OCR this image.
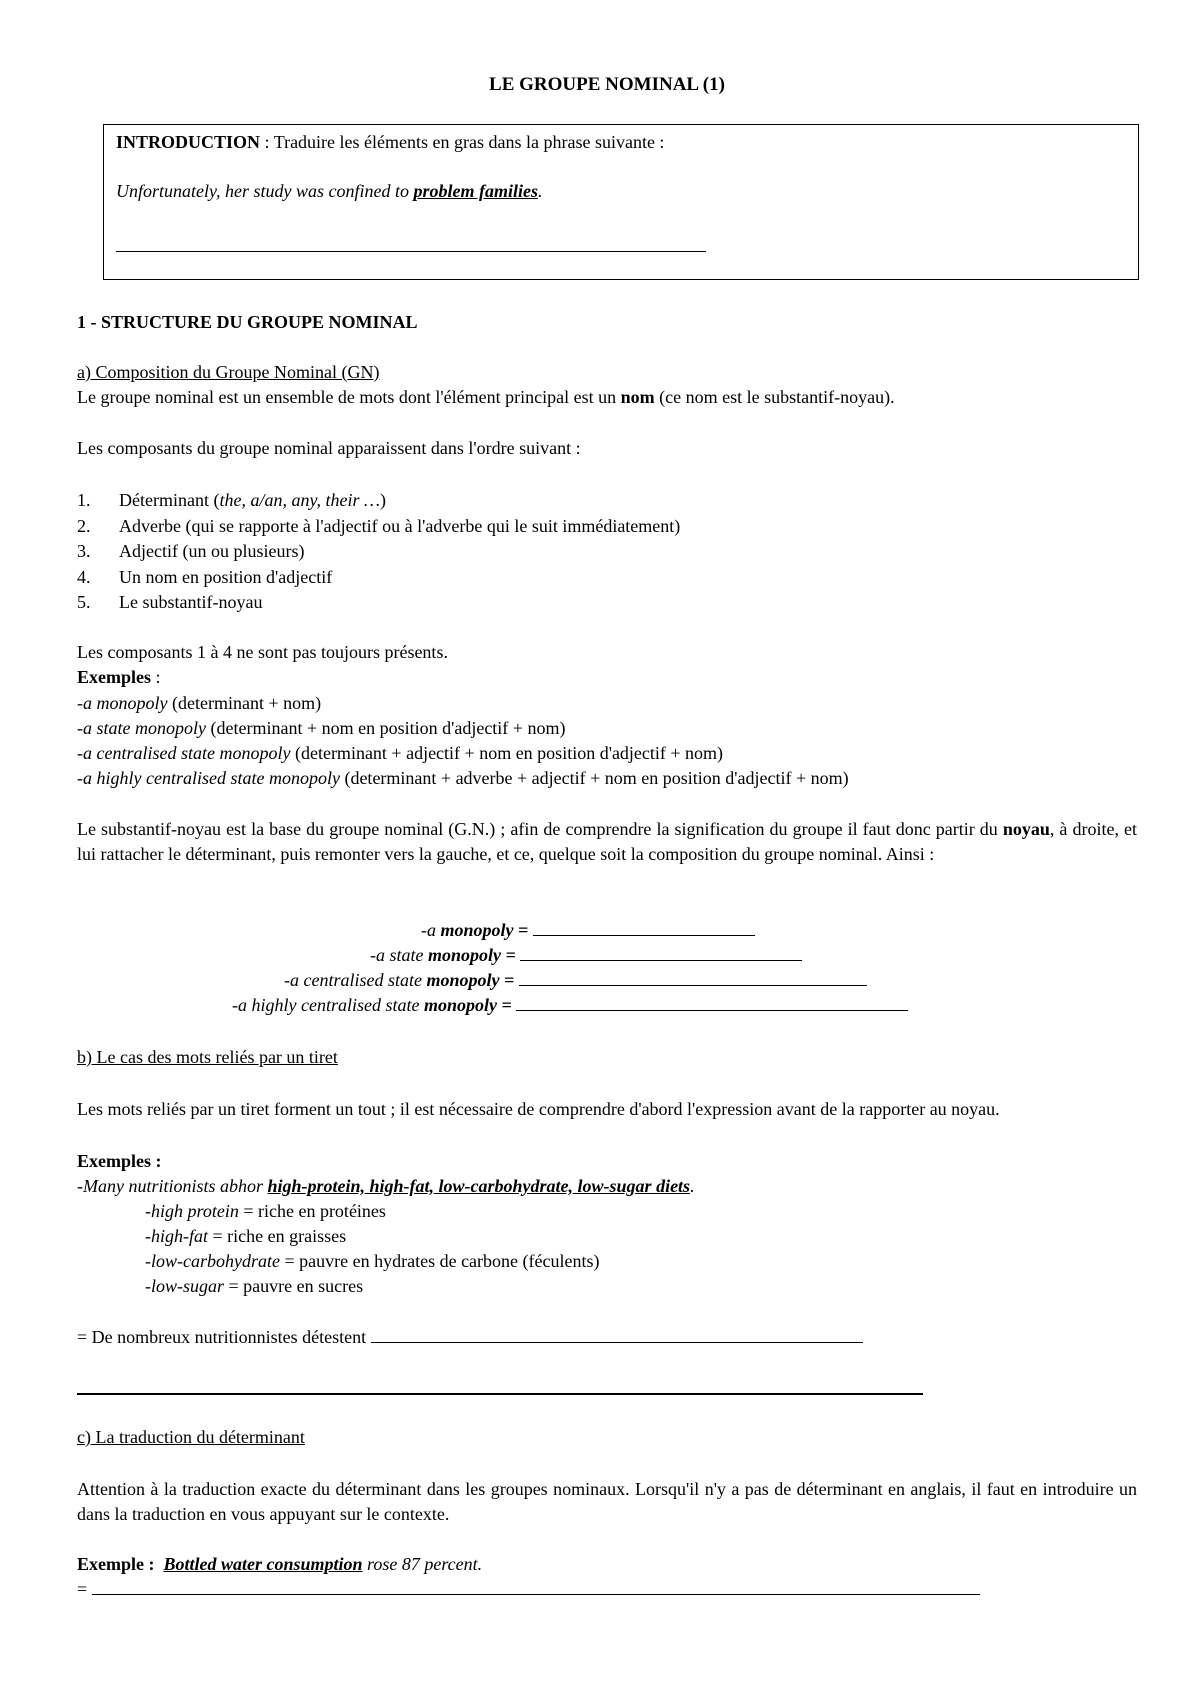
LE GROUPE NOMINAL (1)

INTRODUCTION : Traduire les éléments en gras dans la phrase suivante :

Unfortunately, her study was confined to problem families.

1 - STRUCTURE DU GROUPE NOMINAL
a) Composition du Groupe Nominal (GN)
Le groupe nominal est un ensemble de mots dont l'élément principal est un nom (ce nom est le substantif-noyau).
Les composants du groupe nominal apparaissent dans l'ordre suivant :
1. Déterminant (the, a/an, any, their …)
2. Adverbe (qui se rapporte à l'adjectif ou à l'adverbe qui le suit immédiatement)
3. Adjectif (un ou plusieurs)
4. Un nom en position d'adjectif
5. Le substantif-noyau
Les composants 1 à 4 ne sont pas toujours présents.
Exemples :
-a monopoly (determinant + nom)
-a state monopoly (determinant + nom en position d'adjectif + nom)
-a centralised state monopoly (determinant + adjectif + nom en position d'adjectif + nom)
-a highly centralised state monopoly (determinant + adverbe + adjectif + nom en position d'adjectif + nom)
Le substantif-noyau est la base du groupe nominal (G.N.) ; afin de comprendre la signification du groupe il faut donc partir du noyau, à droite, et lui rattacher le déterminant, puis remonter vers la gauche, et ce, quelque soit la composition du groupe nominal. Ainsi :
-a monopoly =
-a state monopoly =
-a centralised state monopoly =
-a highly centralised state monopoly =
b) Le cas des mots reliés par un tiret
Les mots reliés par un tiret forment un tout ; il est nécessaire de comprendre d'abord l'expression avant de la rapporter au noyau.
Exemples :
-Many nutritionists abhor high-protein, high-fat, low-carbohydrate, low-sugar diets.
-high protein = riche en protéines
-high-fat = riche en graisses
-low-carbohydrate = pauvre en hydrates de carbone (féculents)
-low-sugar = pauvre en sucres
= De nombreux nutritionnistes détestent
c) La traduction du déterminant
Attention à la traduction exacte du déterminant dans les groupes nominaux. Lorsqu'il n'y a pas de déterminant en anglais, il faut en introduire un dans la traduction en vous appuyant sur le contexte.
Exemple : Bottled water consumption rose 87 percent.
=
